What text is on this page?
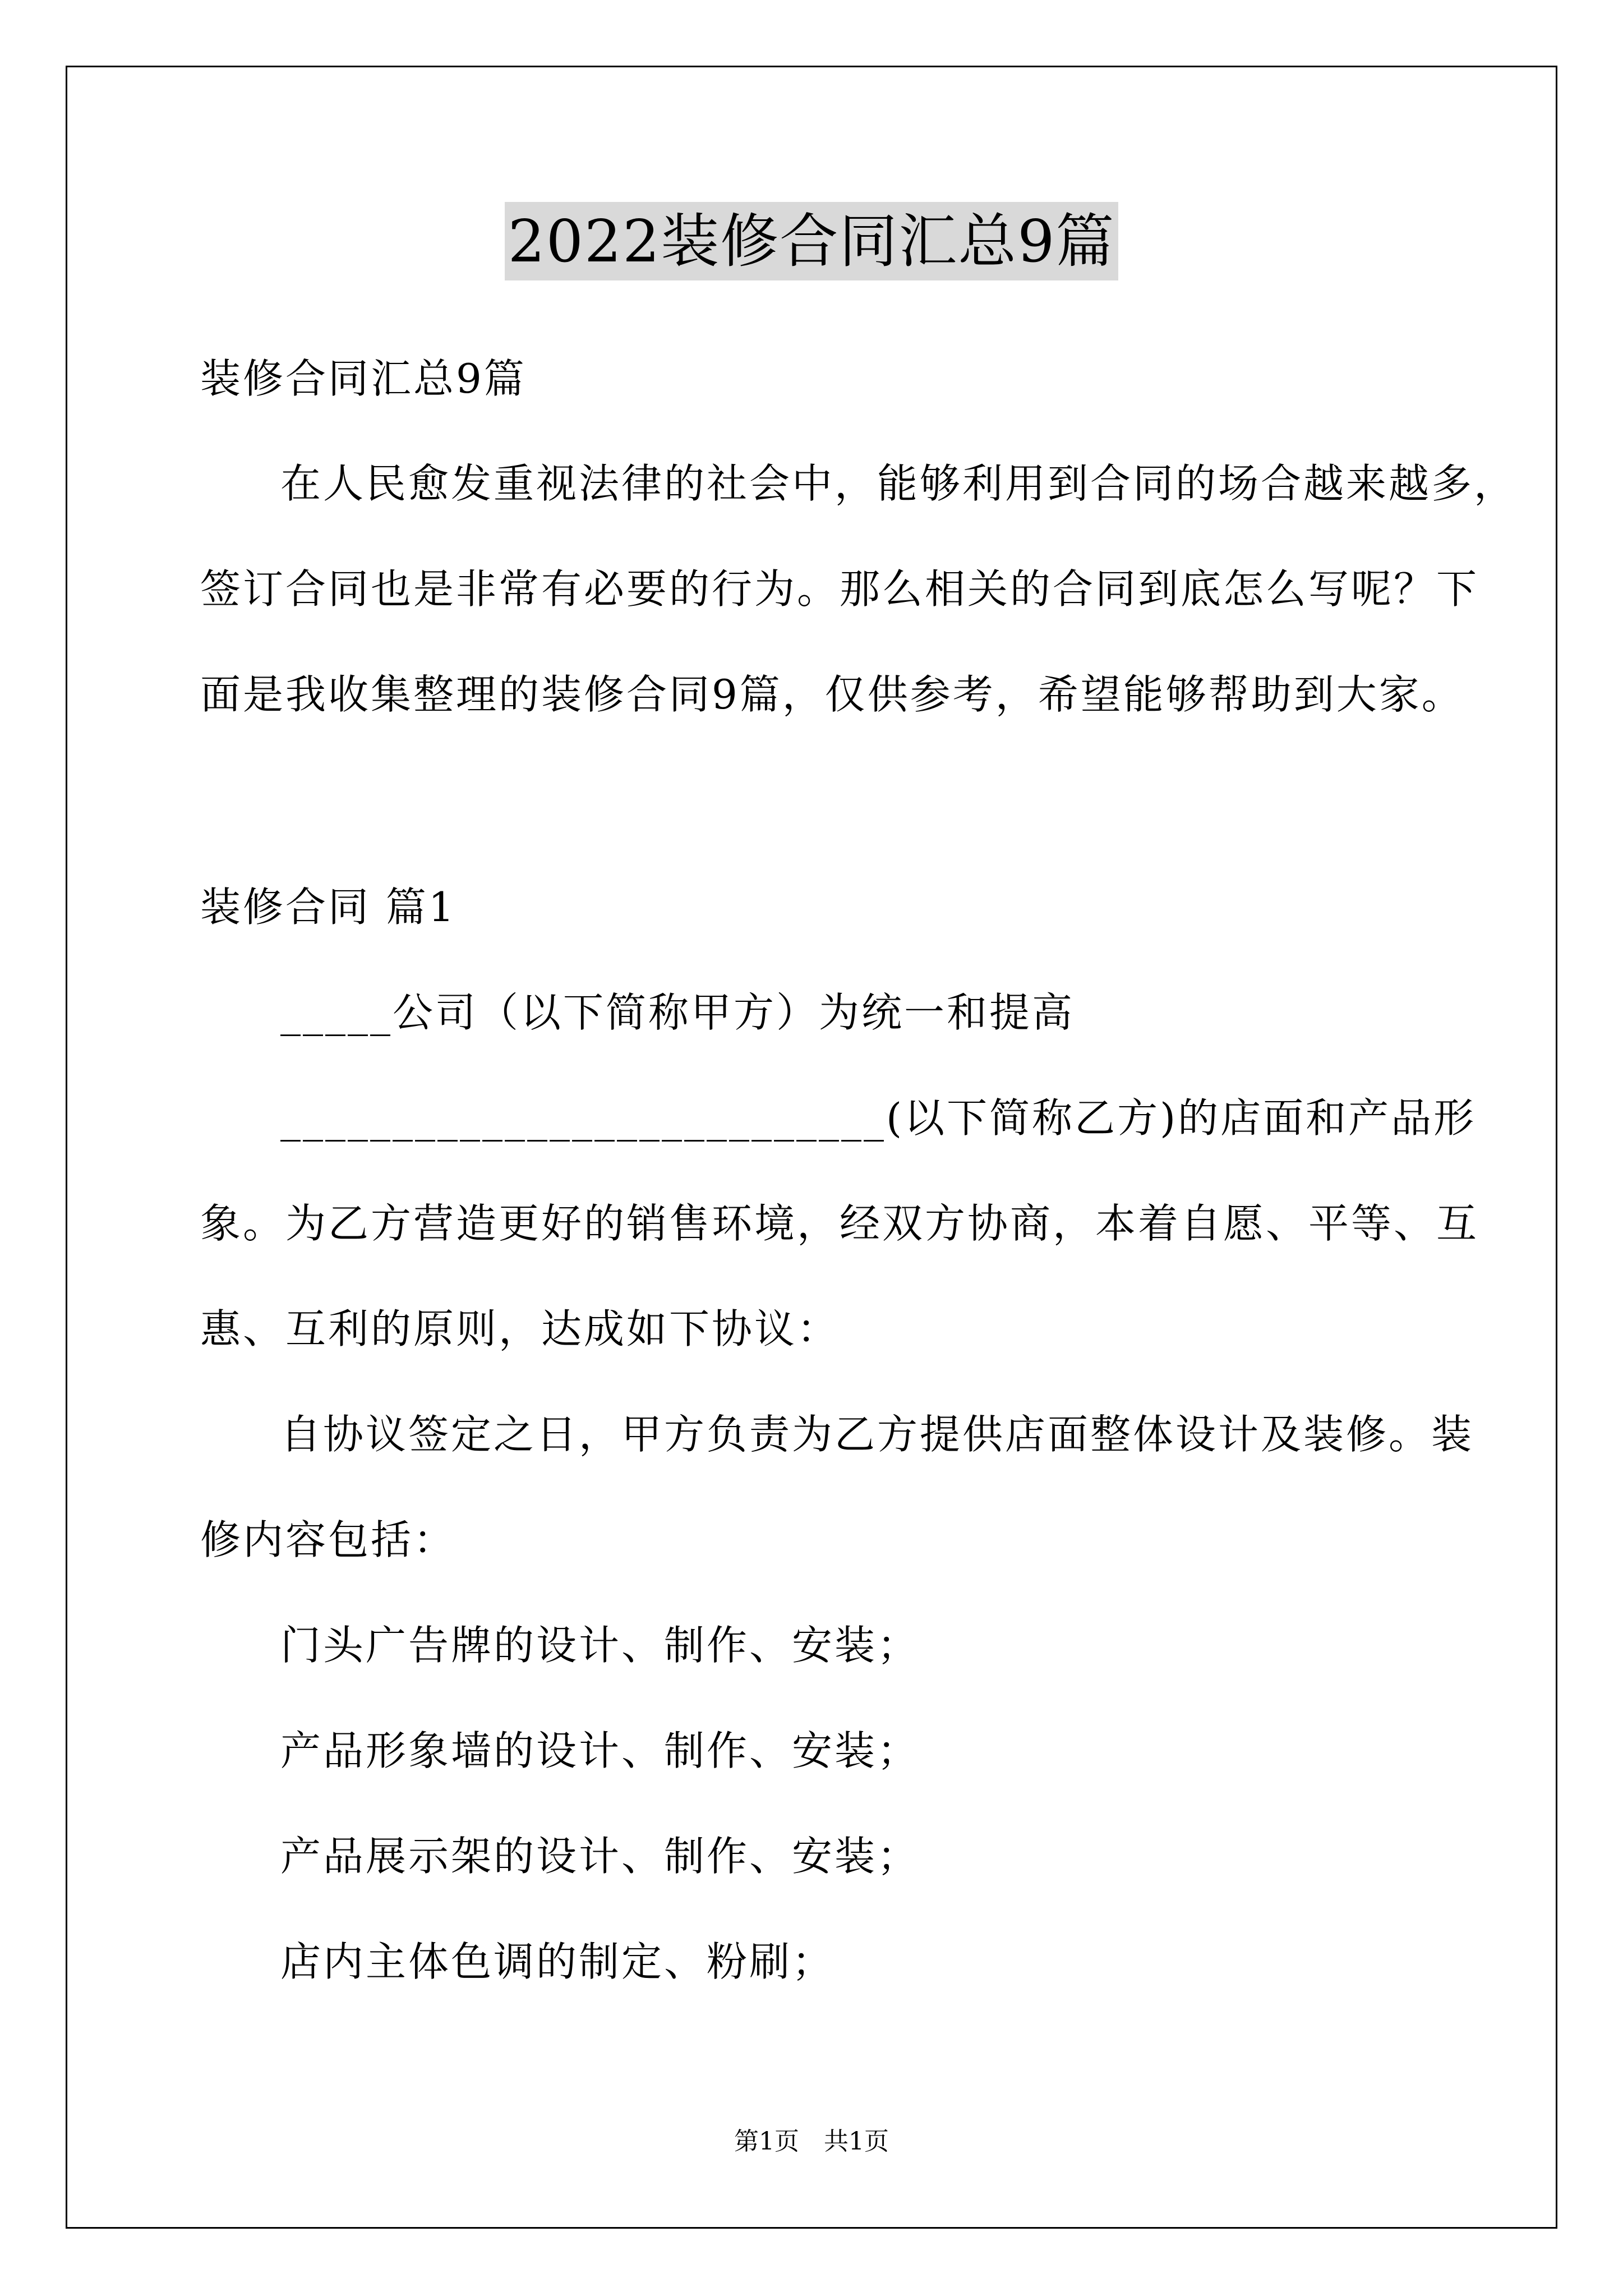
2022装修合同汇总9篇
装修合同汇总9篇
在人民愈发重视法律的社会中，能够利用到合同的场合越来越多，
签订合同也是非常有必要的行为。那么相关的合同到底怎么写呢？下
面是我收集整理的装修合同9篇，仅供参考，希望能够帮助到大家。
装修合同 篇1
_____公司（以下简称甲方）为统一和提高
___________________________(以下简称乙方)的店面和产品形
象。为乙方营造更好的销售环境，经双方协商，本着自愿、平等、互
惠、互利的原则，达成如下协议：
自协议签定之日，甲方负责为乙方提供店面整体设计及装修。装
修内容包括：
门头广告牌的设计、制作、安装；
产品形象墙的设计、制作、安装；
产品展示架的设计、制作、安装；
店内主体色调的制定、粉刷；
第1页　共1页
